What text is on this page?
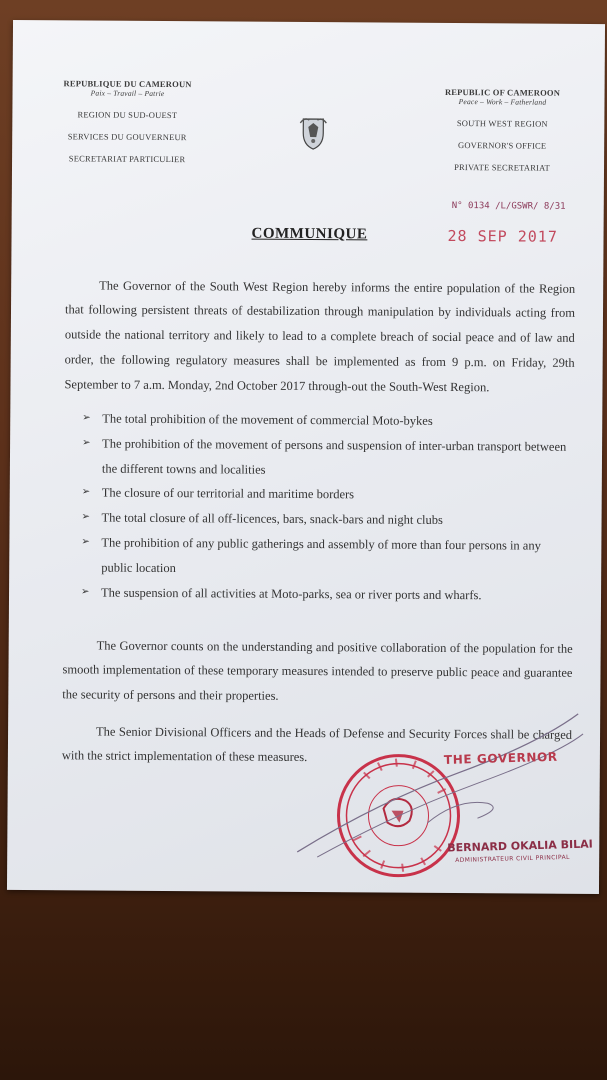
REPUBLIQUE DU CAMEROUN
Paix – Travail – Patrie
REGION DU SUD-OUEST
SERVICES DU GOUVERNEUR
SECRETARIAT PARTICULIER
REPUBLIC OF CAMEROON
Peace – Work – Fatherland
SOUTH WEST REGION
GOVERNOR'S OFFICE
PRIVATE SECRETARIAT
N° 0134 /L/GSWR/ 8/31
COMMUNIQUE	28 SEP 2017

The Governor of the South West Region hereby informs the entire population of the Region that following persistent threats of destabilization through manipulation by individuals acting from outside the national territory and likely to lead to a complete breach of social peace and of law and order, the following regulatory measures shall be implemented as from 9 p.m. on Friday, 29th September to 7 a.m. Monday, 2nd October 2017 through-out the South-West Region.

➢ The total prohibition of the movement of commercial Moto-bykes
➢ The prohibition of the movement of persons and suspension of inter-urban transport between the different towns and localities
➢ The closure of our territorial and maritime borders
➢ The total closure of all off-licences, bars, snack-bars and night clubs
➢ The prohibition of any public gatherings and assembly of more than four persons in any public location
➢ The suspension of all activities at Moto-parks, sea or river ports and wharfs.

The Governor counts on the understanding and positive collaboration of the population for the smooth implementation of these temporary measures intended to preserve public peace and guarantee the security of persons and their properties.

The Senior Divisional Officers and the Heads of Defense and Security Forces shall be charged with the strict implementation of these measures.	THE GOVERNOR
BERNARD OKALIA BILAI
ADMINISTRATEUR CIVIL PRINCIPAL
